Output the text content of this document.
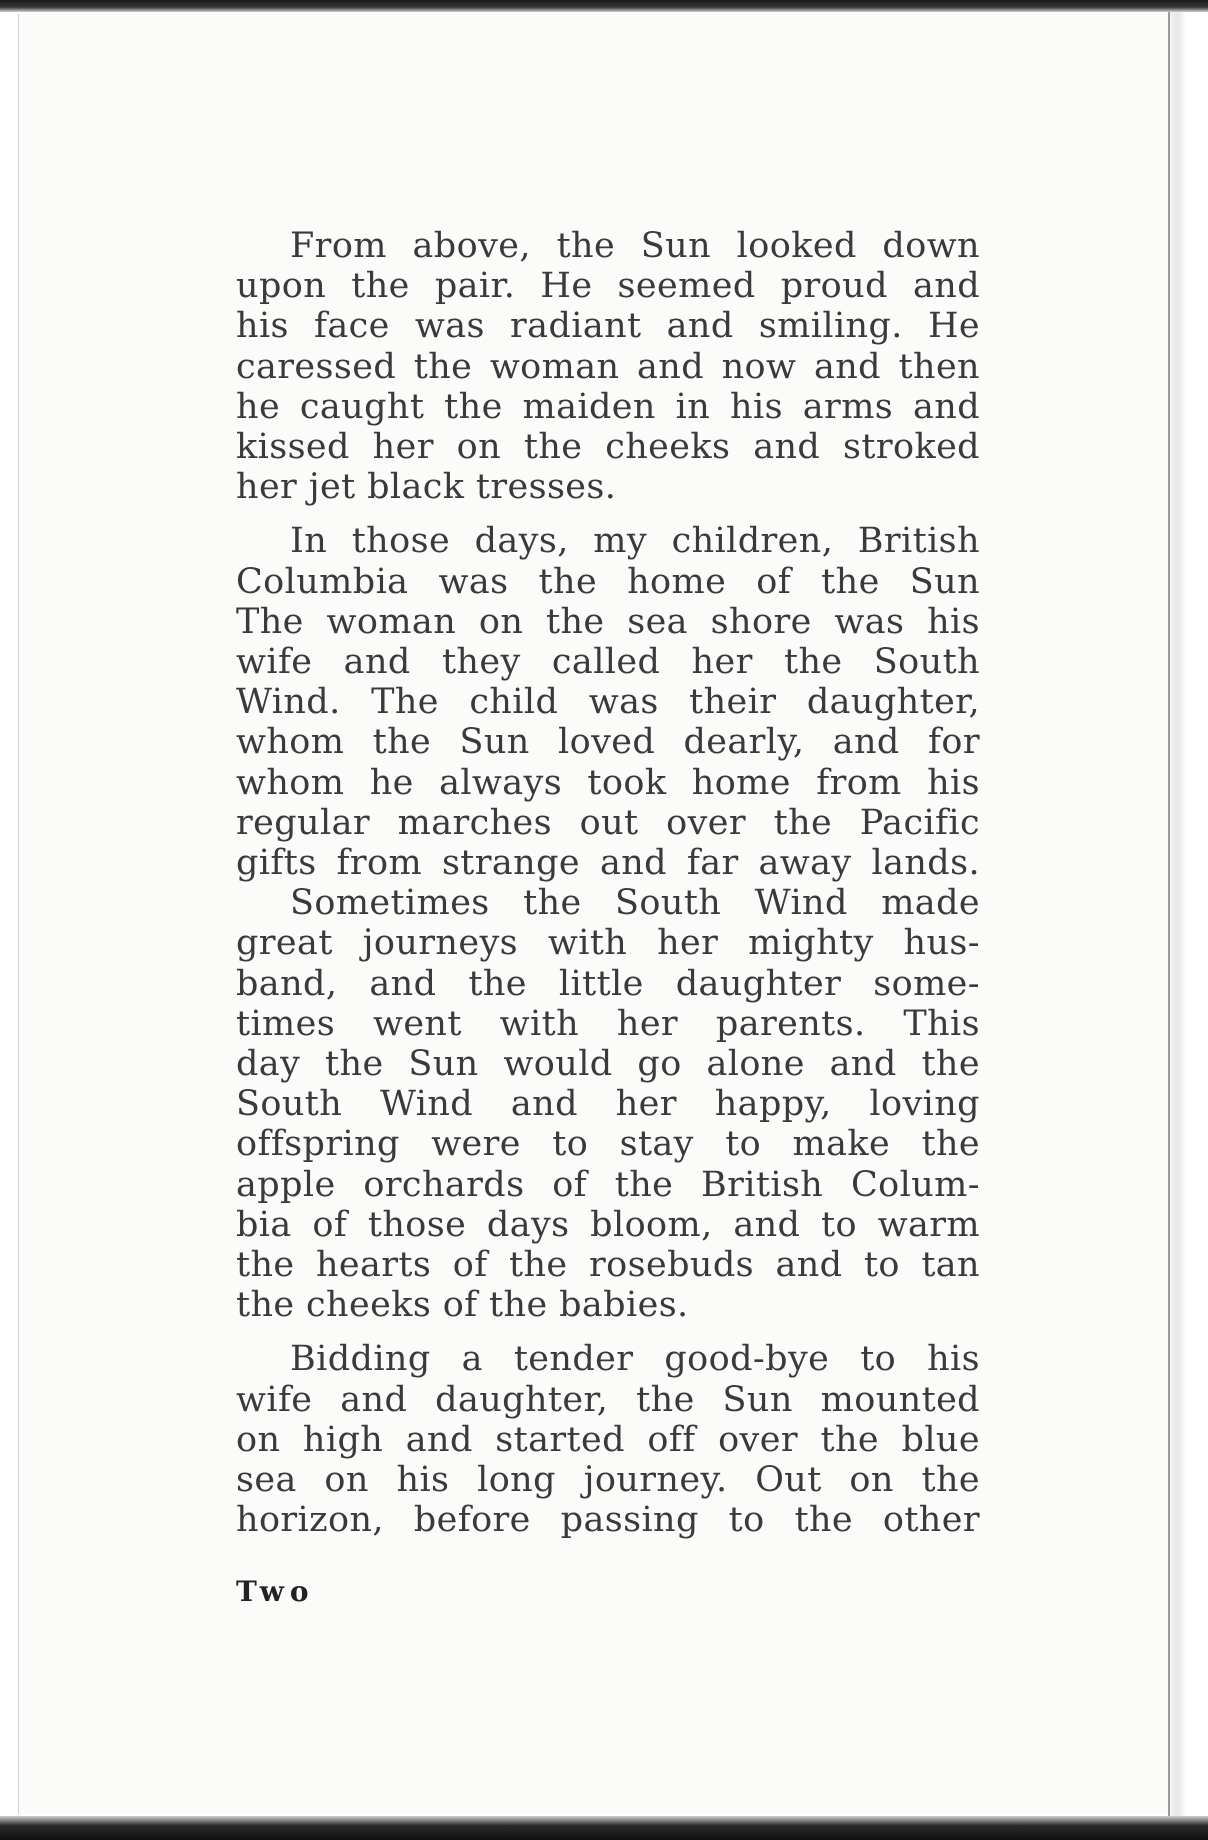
From above, the Sun looked down
upon the pair. He seemed proud and
his face was radiant and smiling. He
caressed the woman and now and then
he caught the maiden in his arms and
kissed her on the cheeks and stroked
her jet black tresses.
In those days, my children, British
Columbia was the home of the Sun
The woman on the sea shore was his
wife and they called her the South
Wind. The child was their daughter,
whom the Sun loved dearly, and for
whom he always took home from his
regular marches out over the Pacific
gifts from strange and far away lands.
Sometimes the South Wind made
great journeys with her mighty hus-
band, and the little daughter some-
times went with her parents. This
day the Sun would go alone and the
South Wind and her happy, loving
offspring were to stay to make the
apple orchards of the British Colum-
bia of those days bloom, and to warm
the hearts of the rosebuds and to tan
the cheeks of the babies.
Bidding a tender good-bye to his
wife and daughter, the Sun mounted
on high and started off over the blue
sea on his long journey. Out on the
horizon, before passing to the other
Two
